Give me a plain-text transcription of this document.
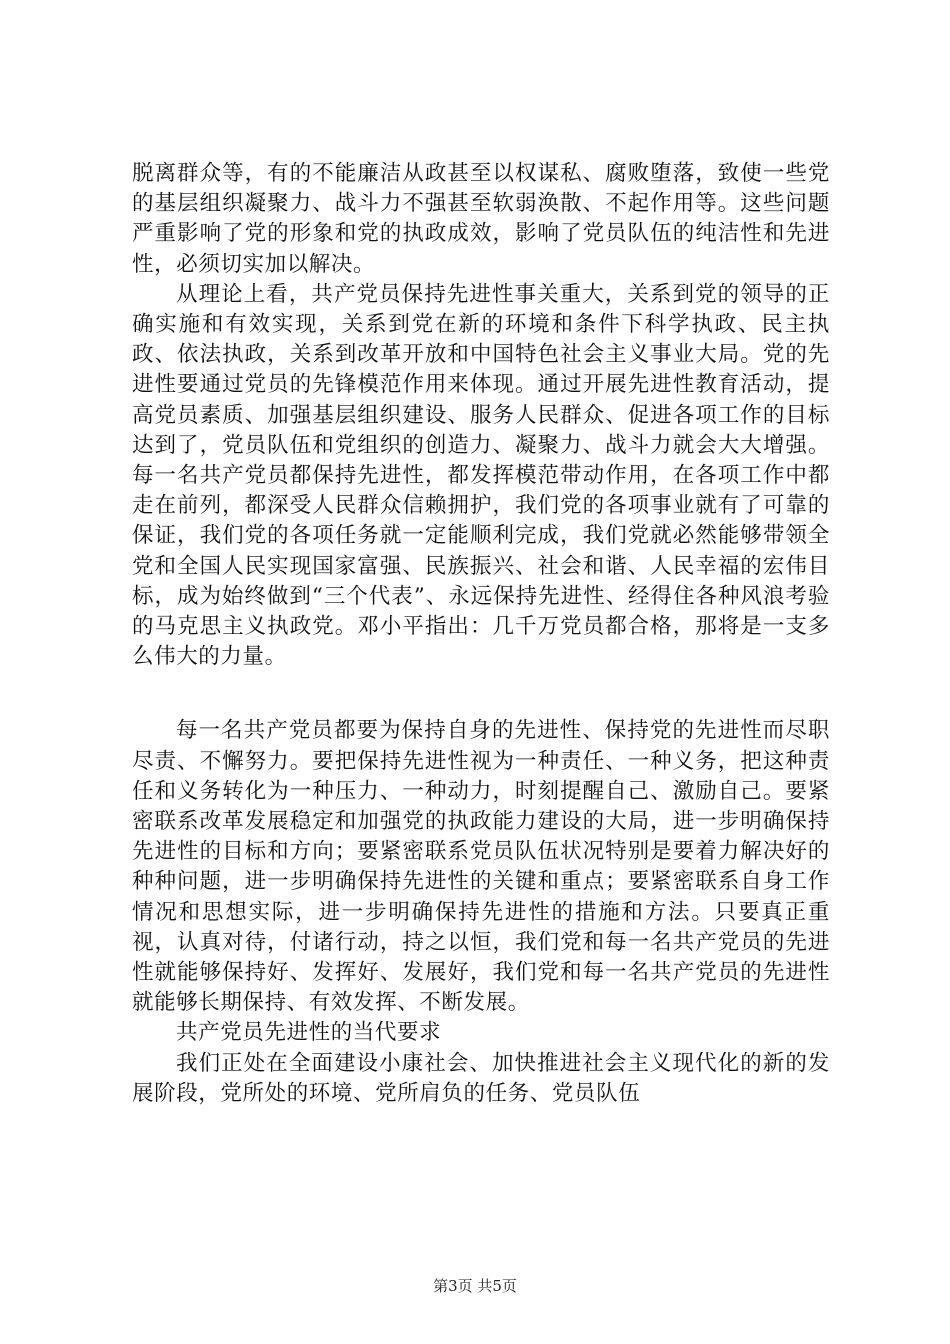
脱离群众等，有的不能廉洁从政甚至以权谋私、腐败堕落，致使一些党的基层组织凝聚力、战斗力不强甚至软弱涣散、不起作用等。这些问题严重影响了党的形象和党的执政成效，影响了党员队伍的纯洁性和先进性，必须切实加以解决。

从理论上看，共产党员保持先进性事关重大，关系到党的领导的正确实施和有效实现，关系到党在新的环境和条件下科学执政、民主执政、依法执政，关系到改革开放和中国特色社会主义事业大局。党的先进性要通过党员的先锋模范作用来体现。通过开展先进性教育活动，提高党员素质、加强基层组织建设、服务人民群众、促进各项工作的目标达到了，党员队伍和党组织的创造力、凝聚力、战斗力就会大大增强。每一名共产党员都保持先进性，都发挥模范带动作用，在各项工作中都走在前列，都深受人民群众信赖拥护，我们党的各项事业就有了可靠的保证，我们党的各项任务就一定能顺利完成，我们党就必然能够带领全党和全国人民实现国家富强、民族振兴、社会和谐、人民幸福的宏伟目标，成为始终做到“三个代表”、永远保持先进性、经得住各种风浪考验的马克思主义执政党。邓小平指出：几千万党员都合格，那将是一支多么伟大的力量。

每一名共产党员都要为保持自身的先进性、保持党的先进性而尽职尽责、不懈努力。要把保持先进性视为一种责任、一种义务，把这种责任和义务转化为一种压力、一种动力，时刻提醒自己、激励自己。要紧密联系改革发展稳定和加强党的执政能力建设的大局，进一步明确保持先进性的目标和方向；要紧密联系党员队伍状况特别是要着力解决好的种种问题，进一步明确保持先进性的关键和重点；要紧密联系自身工作情况和思想实际，进一步明确保持先进性的措施和方法。只要真正重视，认真对待，付诸行动，持之以恒，我们党和每一名共产党员的先进性就能够保持好、发挥好、发展好，我们党和每一名共产党员的先进性就能够长期保持、有效发挥、不断发展。

共产党员先进性的当代要求

我们正处在全面建设小康社会、加快推进社会主义现代化的新的发展阶段，党所处的环境、党所肩负的任务、党员队伍

第3页 共5页
